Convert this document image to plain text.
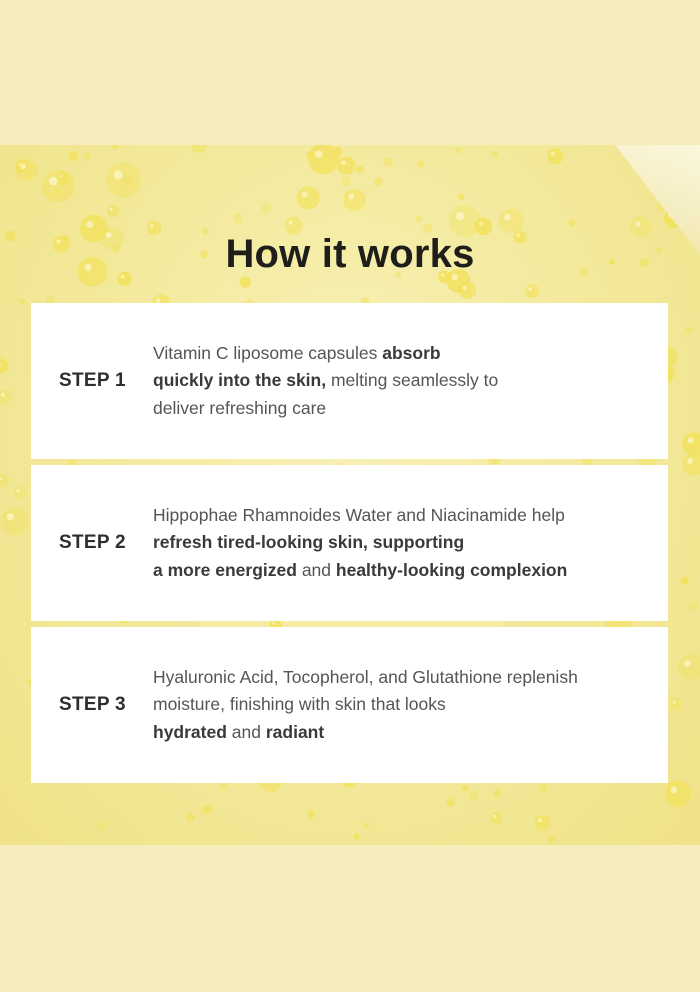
How it works
STEP 1
Vitamin C liposome capsules absorb
quickly into the skin, melting seamlessly to
deliver refreshing care
STEP 2
Hippophae Rhamnoides Water and Niacinamide help
refresh tired-looking skin, supporting
a more energized and healthy-looking complexion
STEP 3
Hyaluronic Acid, Tocopherol, and Glutathione replenish
moisture, finishing with skin that looks
hydrated and radiant
